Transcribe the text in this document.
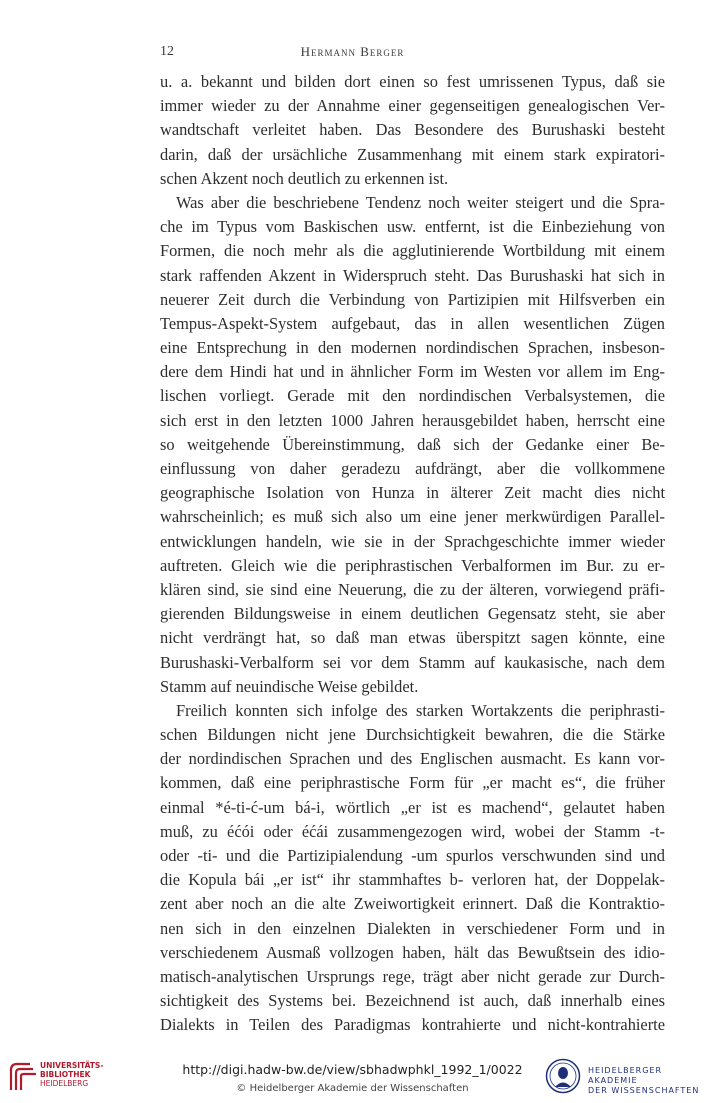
12	Hermann Berger
u. a. bekannt und bilden dort einen so fest umrissenen Typus, daß sie
immer wieder zu der Annahme einer gegenseitigen genealogischen Ver-
wandtschaft verleitet haben. Das Besondere des Burushaski besteht
darin, daß der ursächliche Zusammenhang mit einem stark expiratori-
schen Akzent noch deutlich zu erkennen ist.
Was aber die beschriebene Tendenz noch weiter steigert und die Spra-
che im Typus vom Baskischen usw. entfernt, ist die Einbeziehung von
Formen, die noch mehr als die agglutinierende Wortbildung mit einem
stark raffenden Akzent in Widerspruch steht. Das Burushaski hat sich in
neuerer Zeit durch die Verbindung von Partizipien mit Hilfsverben ein
Tempus-Aspekt-System aufgebaut, das in allen wesentlichen Zügen
eine Entsprechung in den modernen nordindischen Sprachen, insbeson-
dere dem Hindi hat und in ähnlicher Form im Westen vor allem im Eng-
lischen vorliegt. Gerade mit den nordindischen Verbalsystemen, die
sich erst in den letzten 1000 Jahren herausgebildet haben, herrscht eine
so weitgehende Übereinstimmung, daß sich der Gedanke einer Be-
einflussung von daher geradezu aufdrängt, aber die vollkommene
geographische Isolation von Hunza in älterer Zeit macht dies nicht
wahrscheinlich; es muß sich also um eine jener merkwürdigen Parallel-
entwicklungen handeln, wie sie in der Sprachgeschichte immer wieder
auftreten. Gleich wie die periphrastischen Verbalformen im Bur. zu er-
klären sind, sie sind eine Neuerung, die zu der älteren, vorwiegend präfi-
gierenden Bildungsweise in einem deutlichen Gegensatz steht, sie aber
nicht verdrängt hat, so daß man etwas überspitzt sagen könnte, eine
Burushaski-Verbalform sei vor dem Stamm auf kaukasische, nach dem
Stamm auf neuindische Weise gebildet.
Freilich konnten sich infolge des starken Wortakzents die periphrasti-
schen Bildungen nicht jene Durchsichtigkeit bewahren, die die Stärke
der nordindischen Sprachen und des Englischen ausmacht. Es kann vor-
kommen, daß eine periphrastische Form für „er macht es“, die früher
einmal *é-ti-ć-um bá-i, wörtlich „er ist es machend“, gelautet haben
muß, zu éćói oder éćái zusammengezogen wird, wobei der Stamm -t-
oder -ti- und die Partizipialendung -um spurlos verschwunden sind und
die Kopula bái „er ist“ ihr stammhaftes b- verloren hat, der Doppelak-
zent aber noch an die alte Zweiwortigkeit erinnert. Daß die Kontraktio-
nen sich in den einzelnen Dialekten in verschiedener Form und in
verschiedenem Ausmaß vollzogen haben, hält das Bewußtsein des idio-
matisch-analytischen Ursprungs rege, trägt aber nicht gerade zur Durch-
sichtigkeit des Systems bei. Bezeichnend ist auch, daß innerhalb eines
Dialekts in Teilen des Paradigmas kontrahierte und nicht-kontrahierte
UNIVERSITÄTS-
BIBLIOTHEK
HEIDELBERG
http://digi.hadw-bw.de/view/sbhadwphkl_1992_1/0022
© Heidelberger Akademie der Wissenschaften
HEIDELBERGER AKADEMIE
DER WISSENSCHAFTEN
